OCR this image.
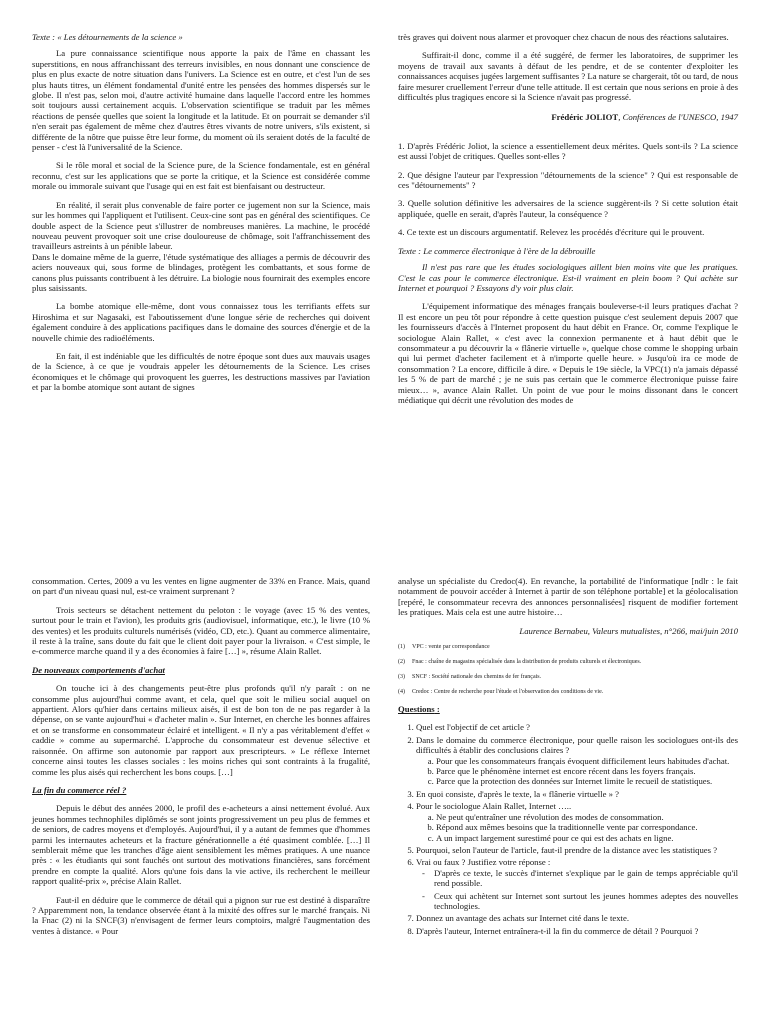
Texte : « Les détournements de la science »

La pure connaissance scientifique nous apporte la paix de l'âme en chassant les superstitions, en nous affranchissant des terreurs invisibles, en nous donnant une conscience de plus en plus exacte de notre situation dans l'univers. La Science est en outre, et c'est l'un de ses plus hauts titres, un élément fondamental d'unité entre les pensées des hommes dispersés sur le globe. Il n'est pas, selon moi, d'autre activité humaine dans laquelle l'accord entre les hommes soit toujours aussi certainement acquis. L'observation scientifique se traduit par les mêmes réactions de pensée quelles que soient la longitude et la latitude. Et on pourrait se demander s'il n'en serait pas également de même chez d'autres êtres vivants de notre univers, s'ils existent, si différente de la nôtre que puisse être leur forme, du moment où ils seraient dotés de la faculté de penser - c'est là l'universalité de la Science.

Si le rôle moral et social de la Science pure, de la Science fondamentale, est en général reconnu, c'est sur les applications que se porte la critique, et la Science est considérée comme morale ou immorale suivant que l'usage qui en est fait est bienfaisant ou destructeur.

En réalité, il serait plus convenable de faire porter ce jugement non sur la Science, mais sur les hommes qui l'appliquent et l'utilisent. Ceux-cine sont pas en général des scientifiques. Ce double aspect de la Science peut s'illustrer de nombreuses manières. La machine, le procédé nouveau peuvent provoquer soit une crise douloureuse de chômage, soit l'affranchissement des travailleurs astreints à un pénible labeur.

Dans le domaine même de la guerre, l'étude systématique des alliages a permis de découvrir des aciers nouveaux qui, sous forme de blindages, protègent les combattants, et sous forme de canons plus puissants contribuent à les détruire. La biologie nous fournirait des exemples encore plus saisissants.

La bombe atomique elle-même, dont vous connaissez tous les terrifiants effets sur Hiroshima et sur Nagasaki, est l'aboutissement d'une longue série de recherches qui doivent également conduire à des applications pacifiques dans le domaine des sources d'énergie et de la nouvelle chimie des radioéléments.

En fait, il est indéniable que les difficultés de notre époque sont dues aux mauvais usages de la Science, à ce que je voudrais appeler les détournements de la Science. Les crises économiques et le chômage qui provoquent les guerres, les destructions massives par l'aviation et par la bombe atomique sont autant de signes

très graves qui doivent nous alarmer et provoquer chez chacun de nous des réactions salutaires.

Suffirait-il donc, comme il a été suggéré, de fermer les laboratoires, de supprimer les moyens de travail aux savants à défaut de les pendre, et de se contenter d'exploiter les connaissances acquises jugées largement suffisantes ? La nature se chargerait, tôt ou tard, de nous faire mesurer cruellement l'erreur d'une telle attitude. Il est certain que nous serions en proie à des difficultés plus tragiques encore si la Science n'avait pas progressé.

Frédéric JOLIOT, Conférences de l'UNESCO, 1947

1. D'après Frédéric Joliot, la science a essentiellement deux mérites. Quels sont-ils ? La science est aussi l'objet de critiques. Quelles sont-elles ?

2. Que désigne l'auteur par l'expression "détournements de la science" ? Qui est responsable de ces "détournements" ?

3. Quelle solution définitive les adversaires de la science suggèrent-ils ? Si cette solution était appliquée, quelle en serait, d'après l'auteur, la conséquence ?

4. Ce texte est un discours argumentatif. Relevez les procédés d'écriture qui le prouvent.

Texte : Le commerce électronique à l'ère de la débrouille

Il n'est pas rare que les études sociologiques aillent bien moins vite que les pratiques. C'est le cas pour le commerce électronique. Est-il vraiment en plein boom ? Qui achète sur Internet et pourquoi ? Essayons d'y voir plus clair.

L'équipement informatique des ménages français bouleverse-t-il leurs pratiques d'achat ? Il est encore un peu tôt pour répondre à cette question puisque c'est seulement depuis 2007 que les fournisseurs d'accès à l'Internet proposent du haut débit en France. Or, comme l'explique le sociologue Alain Rallet, « c'est avec la connexion permanente et à haut débit que le consommateur a pu découvrir la « flânerie virtuelle », quelque chose comme le shopping urbain qui lui permet d'acheter facilement et à n'importe quelle heure. » Jusqu'où ira ce mode de consommation ? La encore, difficile à dire. « Depuis le 19e siècle, la VPC(1) n'a jamais dépassé les 5 % de part de marché ; je ne suis pas certain que le commerce électronique puisse faire mieux… », avance Alain Rallet. Un point de vue pour le moins dissonant dans le concert médiatique qui décrit une révolution des modes de

consommation. Certes, 2009 a vu les ventes en ligne augmenter de 33% en France. Mais, quand on part d'un niveau quasi nul, est-ce vraiment surprenant ?

Trois secteurs se détachent nettement du peloton : le voyage (avec 15 % des ventes, surtout pour le train et l'avion), les produits gris (audiovisuel, informatique, etc.), le livre (10 % des ventes) et les produits culturels numérisés (vidéo, CD, etc.). Quant au commerce alimentaire, il reste à la traîne, sans doute du fait que le client doit payer pour la livraison. « C'est simple, le e-commerce marche quand il y a des économies à faire […] », résume Alain Rallet.

De nouveaux comportements d'achat

On touche ici à des changements peut-être plus profonds qu'il n'y paraît : on ne consomme plus aujourd'hui comme avant, et cela, quel que soit le milieu social auquel on appartient. Alors qu'hier dans certains milieux aisés, il est de bon ton de ne pas regarder à la dépense, on se vante aujourd'hui « d'acheter malin ». Sur Internet, en cherche les bonnes affaires et on se transforme en consommateur éclairé et intelligent. « Il n'y a pas véritablement d'effet « caddie » comme au supermarché. L'approche du consommateur est devenue sélective et raisonnée. On affirme son autonomie par rapport aux prescripteurs. » Le réflexe Internet concerne ainsi toutes les classes sociales : les moins riches qui sont contraints à la frugalité, comme les plus aisés qui recherchent les bons coups. […]

La fin du commerce réel ?

Depuis le début des années 2000, le profil des e-acheteurs a ainsi nettement évolué. Aux jeunes hommes technophiles diplômés se sont joints progressivement un peu plus de femmes et de seniors, de cadres moyens et d'employés. Aujourd'hui, il y a autant de femmes que d'hommes parmi les internautes acheteurs et la fracture générationnelle a été quasiment comblée. […] Il semblerait même que les tranches d'âge aient sensiblement les mêmes pratiques. A une nuance près : « les étudiants qui sont fauchés ont surtout des motivations financières, sans forcément prendre en compte la qualité. Alors qu'une fois dans la vie active, ils recherchent le meilleur rapport qualité-prix », précise Alain Rallet.

Faut-il en déduire que le commerce de détail qui a pignon sur rue est destiné à disparaître ? Apparemment non, la tendance observée étant à la mixité des offres sur le marché français. Ni la Fnac (2) ni la SNCF(3) n'envisagent de fermer leurs comptoirs, malgré l'augmentation des ventes à distance. « Pour

analyse un spécialiste du Credoc(4). En revanche, la portabilité de l'informatique [ndlr : le fait notamment de pouvoir accéder à Internet à partir de son téléphone portable] et la géolocalisation [repéré, le consommateur recevra des annonces personnalisées] risquent de modifier fortement les pratiques. Mais cela est une autre histoire…

Laurence Bernabeu, Valeurs mutualistes, n°266, mai/juin 2010

(1) VPC : vente par correspondance

(2) Fnac : chaîne de magasins spécialisée dans la distribution de produits culturels et électroniques.

(3) SNCF : Société nationale des chemins de fer français.

(4) Credoc : Centre de recherche pour l'étude et l'observation des conditions de vie.

Questions :

1. Quel est l'objectif de cet article ?
2. Dans le domaine du commerce électronique, pour quelle raison les sociologues ont-ils des difficultés à établir des conclusions claires ?
a. Pour que les consommateurs français évoquent difficilement leurs habitudes d'achat.
b. Parce que le phénomène internet est encore récent dans les foyers français.
c. Parce que la protection des données sur Internet limite le recueil de statistiques.
3. En quoi consiste, d'après le texte, la « flânerie virtuelle » ?
4. Pour le sociologue Alain Rallet, Internet …..
a. Ne peut qu'entraîner une révolution des modes de consommation.
b. Répond aux mêmes besoins que la traditionnelle vente par correspondance.
c. A un impact largement surestimé pour ce qui est des achats en ligne.
5. Pourquoi, selon l'auteur de l'article, faut-il prendre de la distance avec les statistiques ?
6. Vrai ou faux ? Justifiez votre réponse :
- D'après ce texte, le succès d'internet s'explique par le gain de temps appréciable qu'il rend possible.
- Ceux qui achètent sur Internet sont surtout les jeunes hommes adeptes des nouvelles technologies.
7. Donnez un avantage des achats sur Internet cité dans le texte.
8. D'après l'auteur, Internet entraînera-t-il la fin du commerce de détail ? Pourquoi ?
